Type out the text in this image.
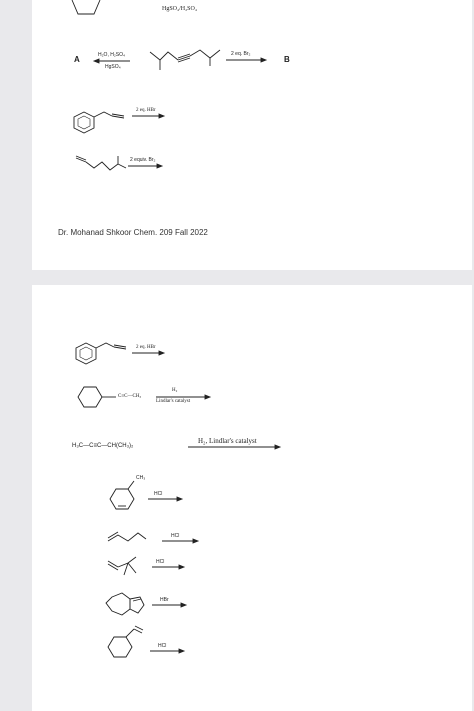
HgSO₄/H₂SO₄
H₂O, H₂SO₄
HgSO₄
A
2 eq. Br₂
B
2 eq. HBr
2 equiv. Br₂
Dr. Mohanad Shkoor Chem. 209 Fall 2022
2 eq. HBr
C≡C—CH₃
H₂
Lindlar's catalyst
H₃C—C≡C—CH(CH₃)₂
H₂, Lindlar's catalyst
CH₃
HCl
HCl
HCl
HBr
HCl
